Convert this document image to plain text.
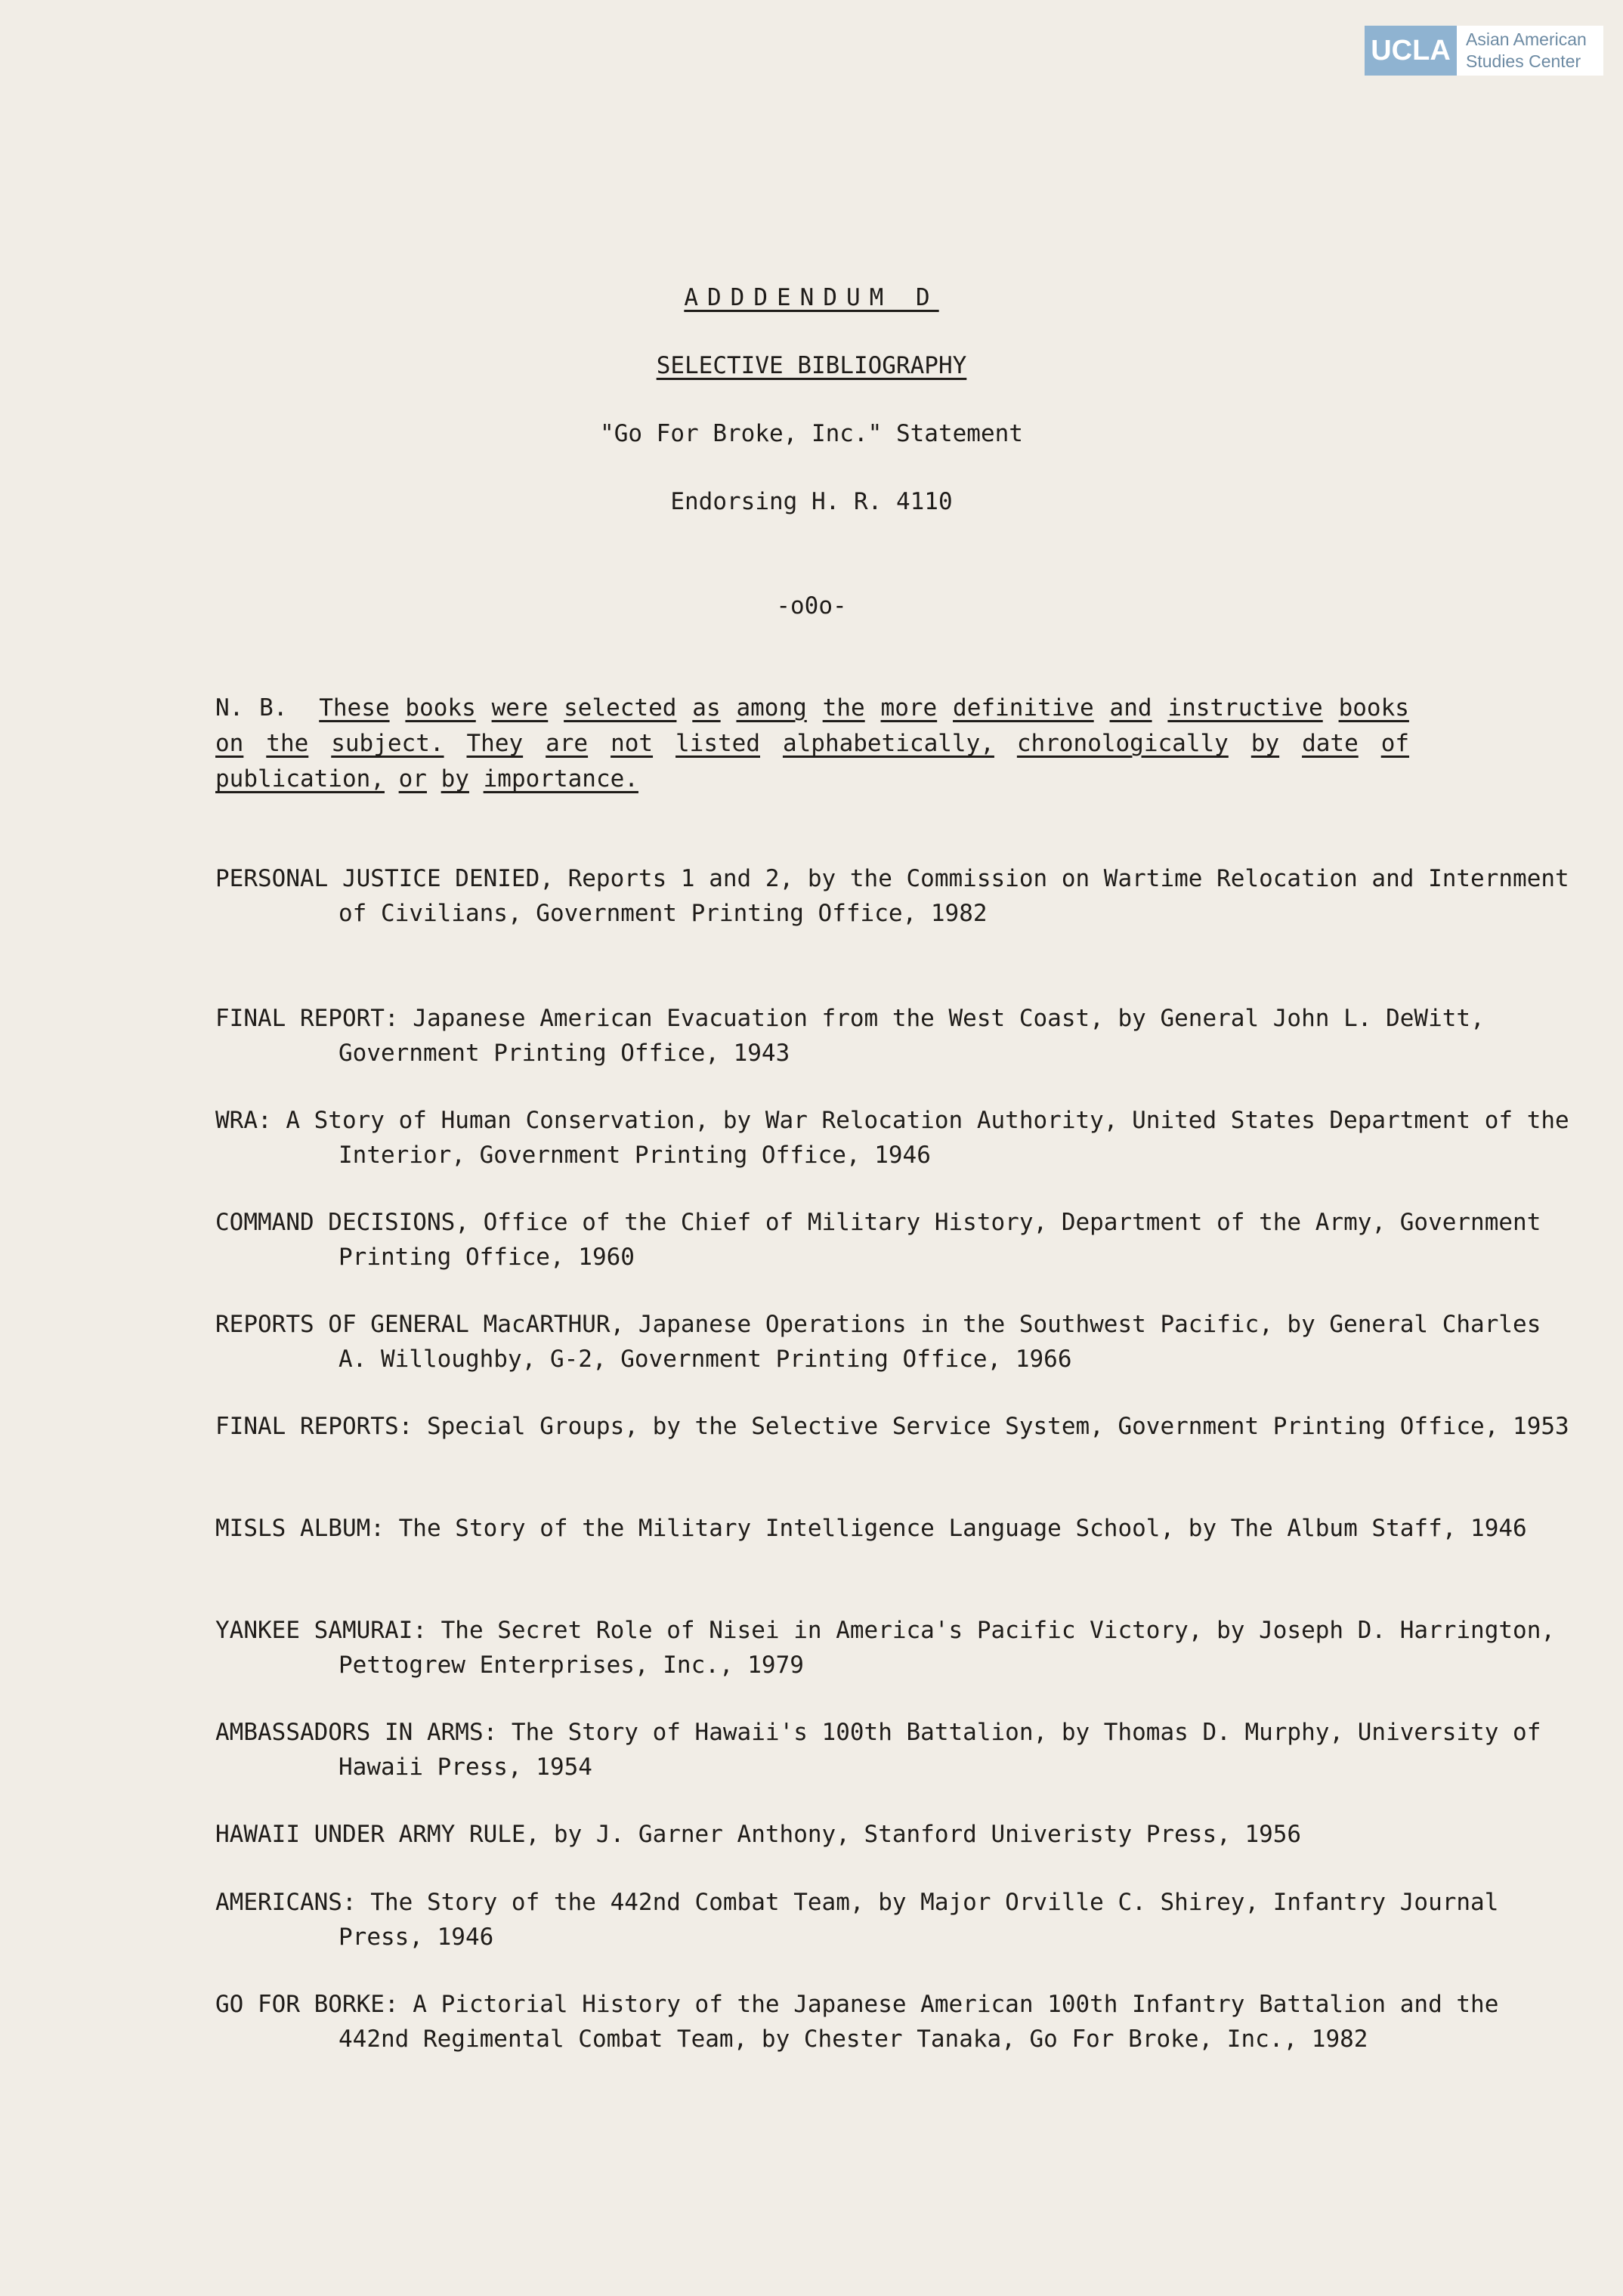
UCLA Asian American Studies Center
ADDDENDUM D
SELECTIVE BIBLIOGRAPHY
"Go For Broke, Inc." Statement
Endorsing H. R. 4110
-o0o-
N. B. These books were selected as among the more definitive and instructive books on the subject. They are not listed alphabetically, chronologically by date of publication, or by importance.
PERSONAL JUSTICE DENIED, Reports 1 and 2, by the Commission on Wartime Relocation and Internment of Civilians, Government Printing Office, 1982
FINAL REPORT: Japanese American Evacuation from the West Coast, by General John L. DeWitt, Government Printing Office, 1943
WRA: A Story of Human Conservation, by War Relocation Authority, United States Department of the Interior, Government Printing Office, 1946
COMMAND DECISIONS, Office of the Chief of Military History, Department of the Army, Government Printing Office, 1960
REPORTS OF GENERAL MacARTHUR, Japanese Operations in the Southwest Pacific, by General Charles A. Willoughby, G-2, Government Printing Office, 1966
FINAL REPORTS: Special Groups, by the Selective Service System, Government Printing Office, 1953
MISLS ALBUM: The Story of the Military Intelligence Language School, by The Album Staff, 1946
YANKEE SAMURAI: The Secret Role of Nisei in America's Pacific Victory, by Joseph D. Harrington, Pettogrew Enterprises, Inc., 1979
AMBASSADORS IN ARMS: The Story of Hawaii's 100th Battalion, by Thomas D. Murphy, University of Hawaii Press, 1954
HAWAII UNDER ARMY RULE, by J. Garner Anthony, Stanford Univeristy Press, 1956
AMERICANS: The Story of the 442nd Combat Team, by Major Orville C. Shirey, Infantry Journal Press, 1946
GO FOR BORKE: A Pictorial History of the Japanese American 100th Infantry Battalion and the 442nd Regimental Combat Team, by Chester Tanaka, Go For Broke, Inc., 1982
